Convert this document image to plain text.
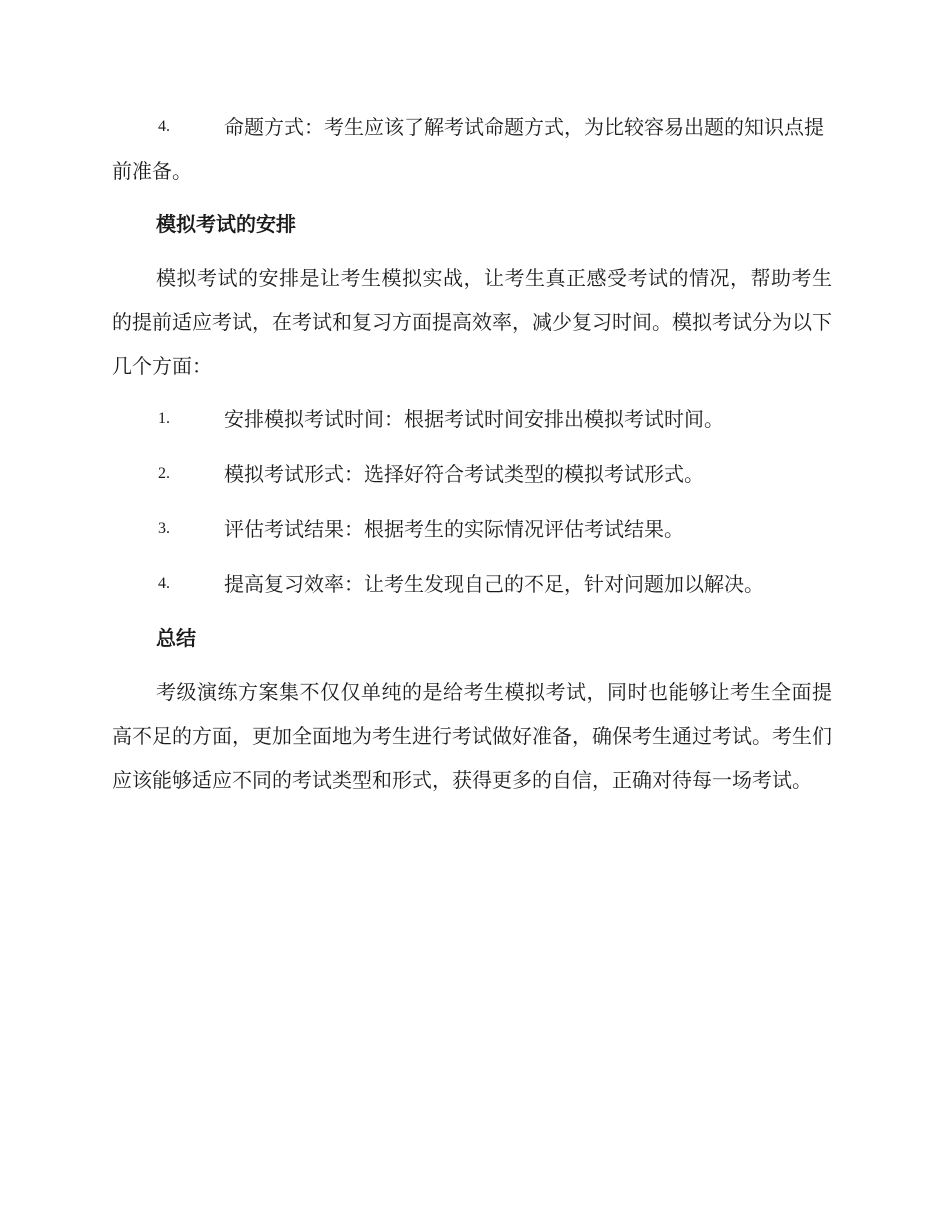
4.	命题方式：考生应该了解考试命题方式，为比较容易出题的知识点提前准备。
模拟考试的安排
模拟考试的安排是让考生模拟实战，让考生真正感受考试的情况，帮助考生的提前适应考试，在考试和复习方面提高效率，减少复习时间。模拟考试分为以下几个方面：
1.	安排模拟考试时间：根据考试时间安排出模拟考试时间。
2.	模拟考试形式：选择好符合考试类型的模拟考试形式。
3.	评估考试结果：根据考生的实际情况评估考试结果。
4.	提高复习效率：让考生发现自己的不足，针对问题加以解决。
总结
考级演练方案集不仅仅单纯的是给考生模拟考试，同时也能够让考生全面提高不足的方面，更加全面地为考生进行考试做好准备，确保考生通过考试。考生们应该能够适应不同的考试类型和形式，获得更多的自信，正确对待每一场考试。
